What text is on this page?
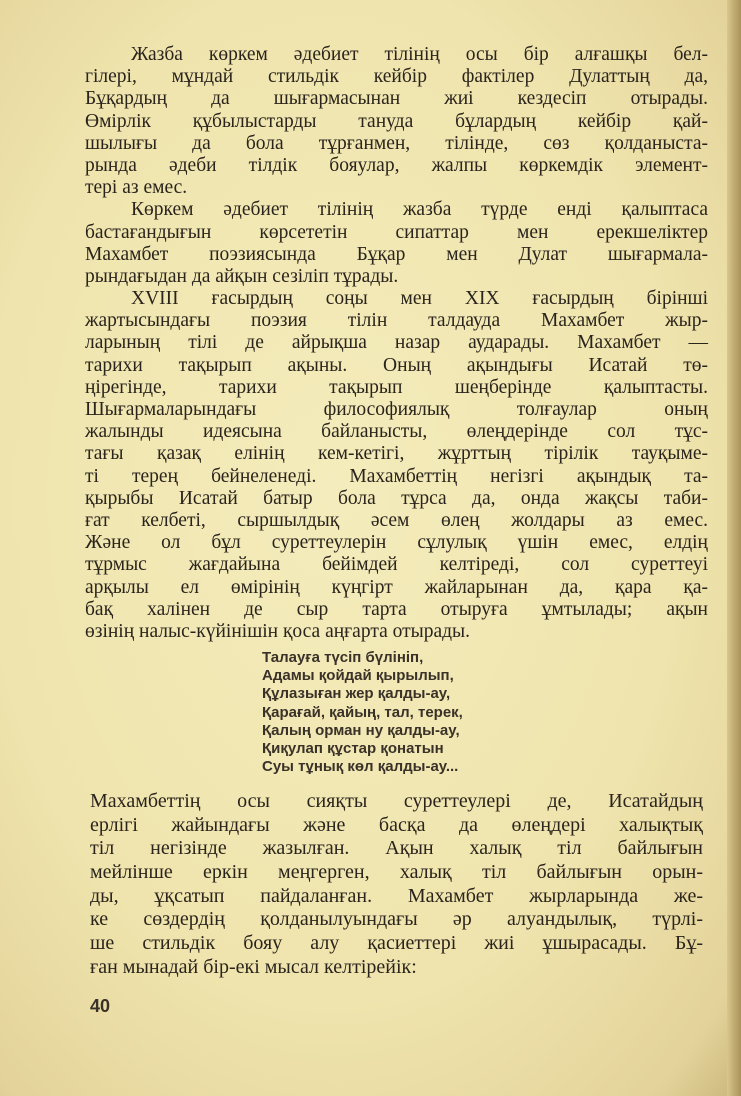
Жазба көркем әдебиет тілінің осы бір алғашқы бел-
гілері, мұндай стильдік кейбір фактілер Дулаттың да,
Бұқардың да шығармасынан жиі кездесіп отырады.
Өмірлік құбылыстарды тануда бұлардың кейбір қай-
шылығы да бола тұрғанмен, тілінде, сөз қолданыста-
рында әдеби тілдік бояулар, жалпы көркемдік элемент-
тері аз емес.
Көркем әдебиет тілінің жазба түрде енді қалыптаса
бастағандығын көрсететін сипаттар мен ерекшеліктер
Махамбет поэзиясында Бұқар мен Дулат шығармала-
рындағыдан да айқын сезіліп тұрады.
XVIII ғасырдың соңы мен XIX ғасырдың бірінші
жартысындағы поэзия тілін талдауда Махамбет жыр-
ларының тілі де айрықша назар аударады. Махамбет —
тарихи тақырып ақыны. Оның ақындығы Исатай тө-
ңірегінде, тарихи тақырып шеңберінде қалыптасты.
Шығармаларындағы философиялық толғаулар оның
жалынды идеясына байланысты, өлеңдерінде сол тұс-
тағы қазақ елінің кем-кетігі, жұрттың тірілік тауқыме-
ті терең бейнеленеді. Махамбеттің негізгі ақындық та-
қырыбы Исатай батыр бола тұрса да, онда жақсы таби-
ғат келбеті, сыршылдық әсем өлең жолдары аз емес.
Және ол бұл суреттеулерін сұлулық үшін емес, елдің
тұрмыс жағдайына бейімдей келтіреді, сол суреттеуі
арқылы ел өмірінің күңгірт жайларынан да, қара қа-
бақ халінен де сыр тарта отыруға ұмтылады; ақын
өзінің налыс-күйінішін қоса аңғарта отырады.
Талауға түсіп бүлініп,
Адамы қойдай қырылып,
Құлазыған жер қалды-ау,
Қарағай, қайың, тал, терек,
Қалың орман ну қалды-ау,
Қиқулап құстар қонатын
Суы тұнық көл қалды-ау...
Махамбеттің осы сияқты суреттеулері де, Исатайдың
ерлігі жайындағы және басқа да өлеңдері халықтық
тіл негізінде жазылған. Ақын халық тіл байлығын
мейлінше еркін меңгерген, халық тіл байлығын орын-
ды, ұқсатып пайдаланған. Махамбет жырларында же-
ке сөздердің қолданылуындағы әр алуандылық, түрлі-
ше стильдік бояу алу қасиеттері жиі ұшырасады. Бұ-
ған мынадай бір-екі мысал келтірейік:
40
